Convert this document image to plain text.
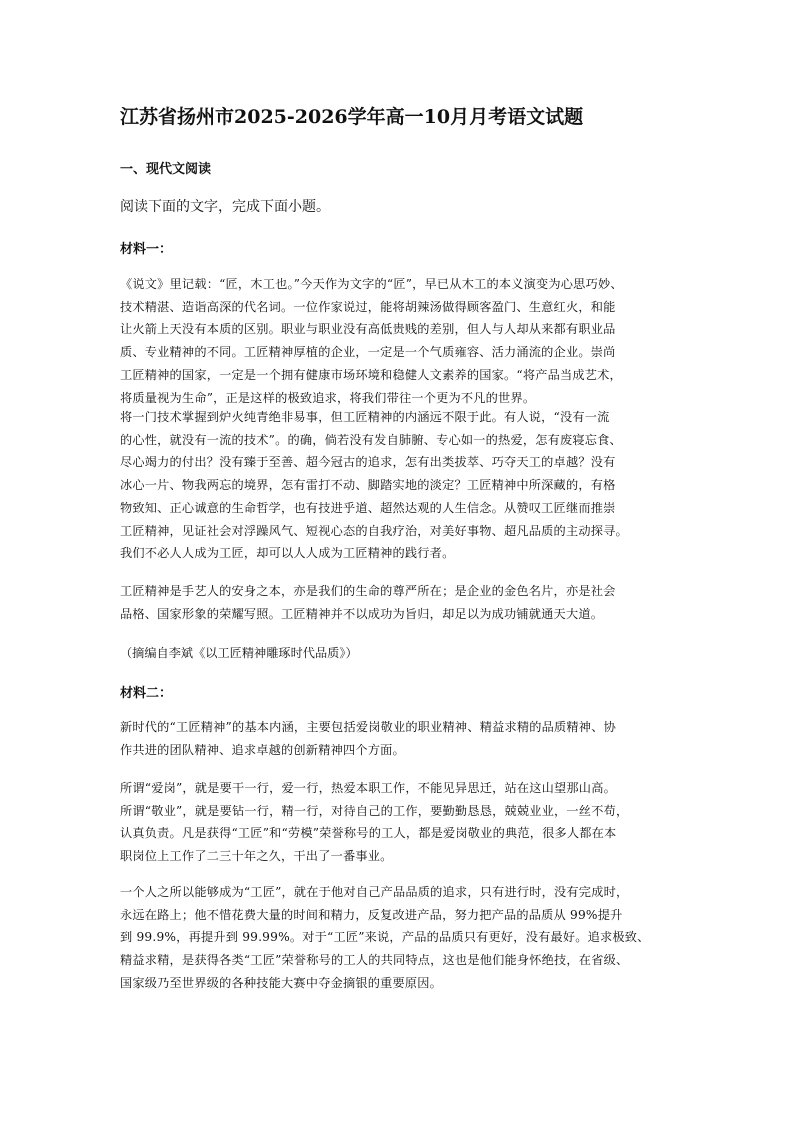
江苏省扬州市2025-2026学年高一10月月考语文试题
一、现代文阅读
阅读下面的文字，完成下面小题。
材料一：
《说文》里记载：“匠，木工也。”今天作为文字的“匠”，早已从木工的本义演变为心思巧妙、
技术精湛、造诣高深的代名词。一位作家说过，能将胡辣汤做得顾客盈门、生意红火，和能
让火箭上天没有本质的区别。职业与职业没有高低贵贱的差别，但人与人却从来都有职业品
质、专业精神的不同。工匠精神厚植的企业，一定是一个气质雍容、活力涌流的企业。崇尚
工匠精神的国家，一定是一个拥有健康市场环境和稳健人文素养的国家。“将产品当成艺术，
将质量视为生命”，正是这样的极致追求，将我们带往一个更为不凡的世界。
将一门技术掌握到炉火纯青绝非易事，但工匠精神的内涵远不限于此。有人说，“没有一流
的心性，就没有一流的技术”。的确，倘若没有发自肺腑、专心如一的热爱，怎有废寝忘食、
尽心竭力的付出？没有臻于至善、超今冠古的追求，怎有出类拔萃、巧夺天工的卓越？没有
冰心一片、物我两忘的境界，怎有雷打不动、脚踏实地的淡定？工匠精神中所深藏的，有格
物致知、正心诚意的生命哲学，也有技进乎道、超然达观的人生信念。从赞叹工匠继而推崇
工匠精神，见证社会对浮躁风气、短视心态的自我疗治，对美好事物、超凡品质的主动探寻。
我们不必人人成为工匠，却可以人人成为工匠精神的践行者。
工匠精神是手艺人的安身之本，亦是我们的生命的尊严所在；是企业的金色名片，亦是社会
品格、国家形象的荣耀写照。工匠精神并不以成功为旨归，却足以为成功铺就通天大道。
（摘编自李斌《以工匠精神雕琢时代品质》）
材料二：
新时代的“工匠精神”的基本内涵，主要包括爱岗敬业的职业精神、精益求精的品质精神、协
作共进的团队精神、追求卓越的创新精神四个方面。
所谓“爱岗”，就是要干一行，爱一行，热爱本职工作，不能见异思迁，站在这山望那山高。
所谓“敬业”，就是要钻一行，精一行，对待自己的工作，要勤勤恳恳，兢兢业业，一丝不苟，
认真负责。凡是获得“工匠”和“劳模”荣誉称号的工人，都是爱岗敬业的典范，很多人都在本
职岗位上工作了二三十年之久，干出了一番事业。
一个人之所以能够成为“工匠”，就在于他对自己产品品质的追求，只有进行时，没有完成时，
永远在路上；他不惜花费大量的时间和精力，反复改进产品，努力把产品的品质从 99%提升
到 99.9%，再提升到 99.99%。对于“工匠”来说，产品的品质只有更好，没有最好。追求极致、
精益求精，是获得各类“工匠”荣誉称号的工人的共同特点，这也是他们能身怀绝技，在省级、
国家级乃至世界级的各种技能大赛中夺金摘银的重要原因。
